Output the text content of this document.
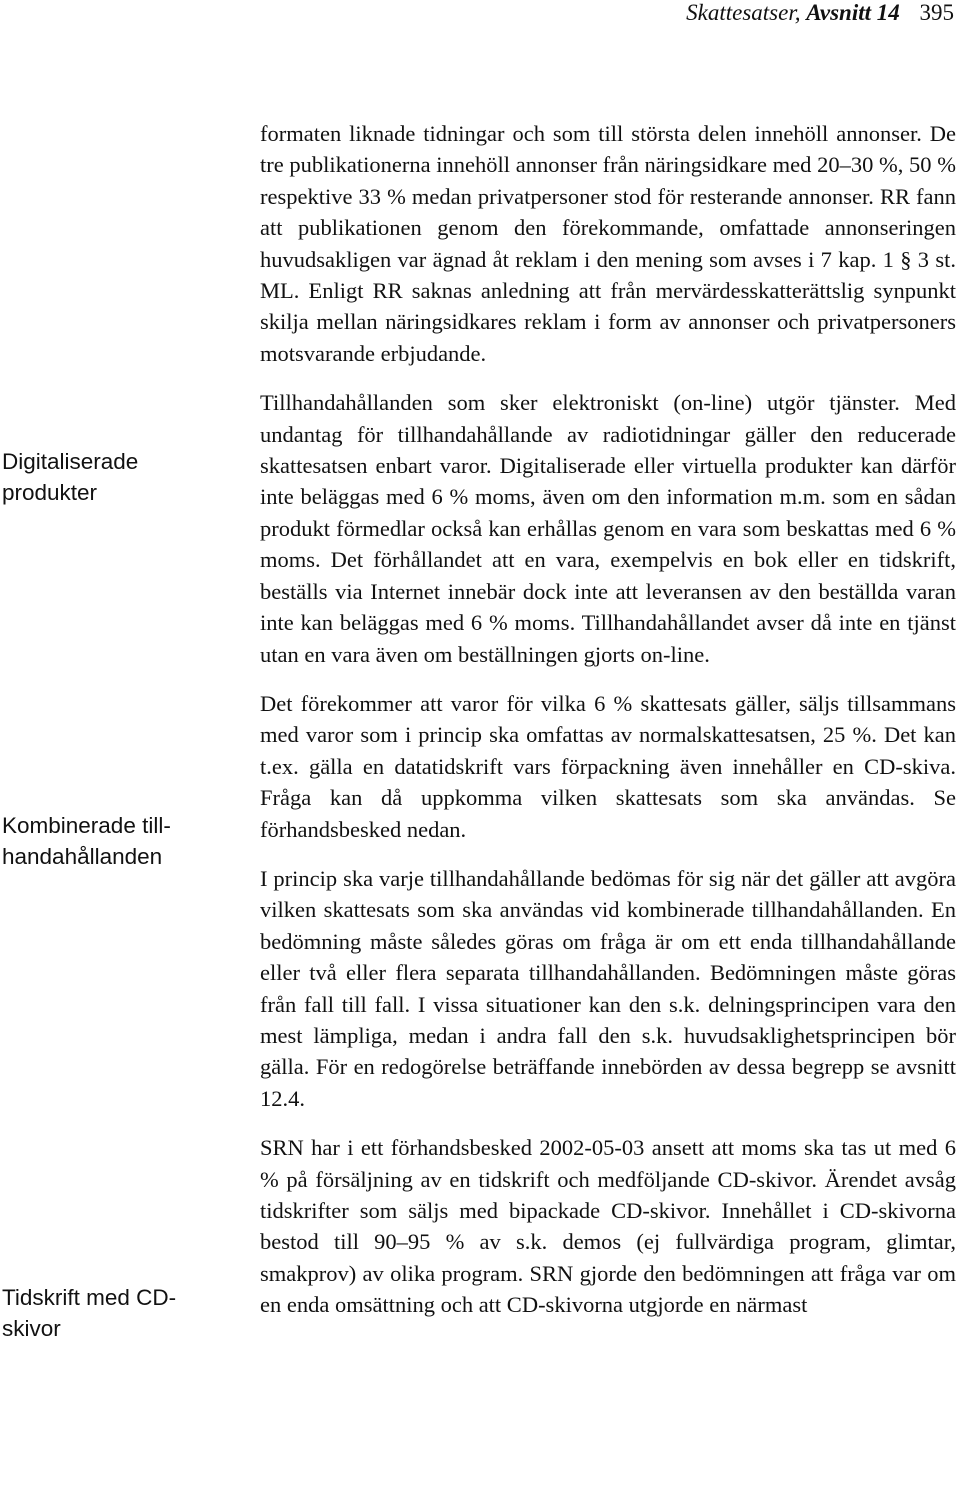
Skattesatser, Avsnitt 14 395
Digitaliserade produkter
Kombinerade tillhandahållanden
Tidskrift med CD-skivor

formaten liknade tidningar och som till största delen innehöll annonser. De tre publikationerna innehöll annonser från näringsidkare med 20–30 %, 50 % respektive 33 % medan privatpersoner stod för resterande annonser. RR fann att publikationen genom den förekommande, omfattade annonseringen huvudsakligen var ägnad åt reklam i den mening som avses i 7 kap. 1 § 3 st. ML. Enligt RR saknas anledning att från mervärdesskatterättslig synpunkt skilja mellan näringsidkares reklam i form av annonser och privatpersoners motsvarande erbjudande.

Tillhandahållanden som sker elektroniskt (on-line) utgör tjänster. Med undantag för tillhandahållande av radiotidningar gäller den reducerade skattesatsen enbart varor. Digitaliserade eller virtuella produkter kan därför inte beläggas med 6 % moms, även om den information m.m. som en sådan produkt förmedlar också kan erhållas genom en vara som beskattas med 6 % moms. Det förhållandet att en vara, exempelvis en bok eller en tidskrift, beställs via Internet innebär dock inte att leveransen av den beställda varan inte kan beläggas med 6 % moms. Tillhandahållandet avser då inte en tjänst utan en vara även om beställningen gjorts on-line.

Det förekommer att varor för vilka 6 % skattesats gäller, säljs tillsammans med varor som i princip ska omfattas av normalskattesatsen, 25 %. Det kan t.ex. gälla en datatidskrift vars förpackning även innehåller en CD-skiva. Fråga kan då uppkomma vilken skattesats som ska användas. Se förhandsbesked nedan.

I princip ska varje tillhandahållande bedömas för sig när det gäller att avgöra vilken skattesats som ska användas vid kombinerade tillhandahållanden. En bedömning måste således göras om fråga är om ett enda tillhandahållande eller två eller flera separata tillhandahållanden. Bedömningen måste göras från fall till fall. I vissa situationer kan den s.k. delningsprincipen vara den mest lämpliga, medan i andra fall den s.k. huvudsaklighetsprincipen bör gälla. För en redogörelse beträffande innebörden av dessa begrepp se avsnitt 12.4.

SRN har i ett förhandsbesked 2002-05-03 ansett att moms ska tas ut med 6 % på försäljning av en tidskrift och medföljande CD-skivor. Ärendet avsåg tidskrifter som säljs med bipackade CD-skivor. Innehållet i CD-skivorna bestod till 90–95 % av s.k. demos (ej fullvärdiga program, glimtar, smakprov) av olika program. SRN gjorde den bedömningen att fråga var om en enda omsättning och att CD-skivorna utgjorde en närmast
